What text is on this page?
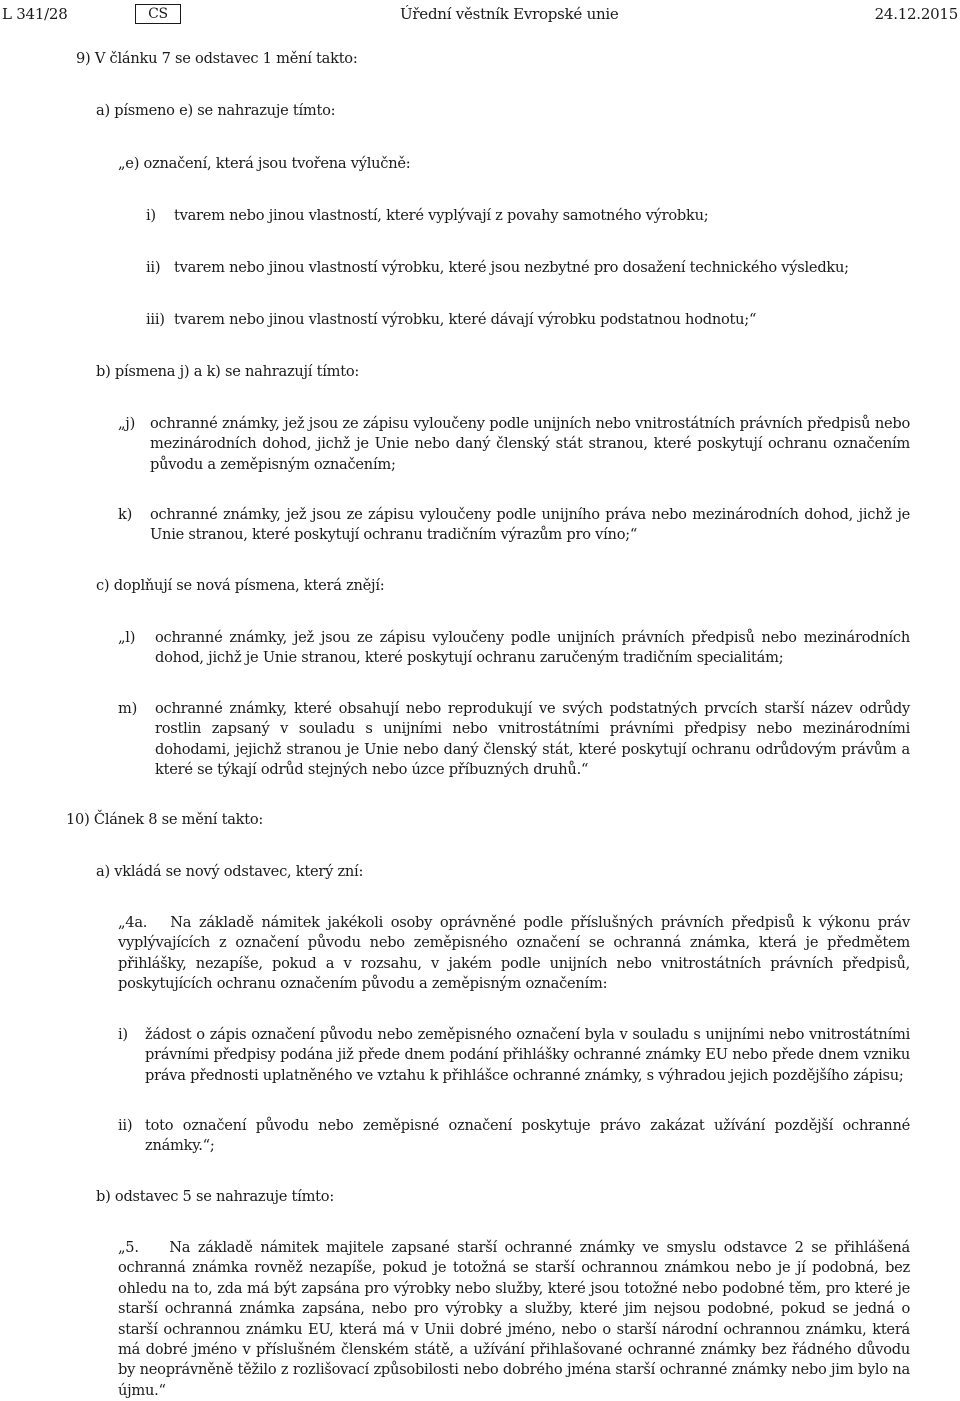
L 341/28	CS	Úřední věstník Evropské unie	24.12.2015

9) V článku 7 se odstavec 1 mění takto:

a) písmeno e) se nahrazuje tímto:

„e) označení, která jsou tvořena výlučně:

i) tvarem nebo jinou vlastností, které vyplývají z povahy samotného výrobku;

ii) tvarem nebo jinou vlastností výrobku, které jsou nezbytné pro dosažení technického výsledku;

iii) tvarem nebo jinou vlastností výrobku, které dávají výrobku podstatnou hodnotu;“

b) písmena j) a k) se nahrazují tímto:

„j) ochranné známky, jež jsou ze zápisu vyloučeny podle unijních nebo vnitrostátních právních předpisů nebo mezinárodních dohod, jichž je Unie nebo daný členský stát stranou, které poskytují ochranu označením původu a zeměpisným označením;

k) ochranné známky, jež jsou ze zápisu vyloučeny podle unijního práva nebo mezinárodních dohod, jichž je Unie stranou, které poskytují ochranu tradičním výrazům pro víno;“

c) doplňují se nová písmena, která znějí:

„l) ochranné známky, jež jsou ze zápisu vyloučeny podle unijních právních předpisů nebo mezinárodních dohod, jichž je Unie stranou, které poskytují ochranu zaručeným tradičním specialitám;

m) ochranné známky, které obsahují nebo reprodukují ve svých podstatných prvcích starší název odrůdy rostlin zapsaný v souladu s unijními nebo vnitrostátními právními předpisy nebo mezinárodními dohodami, jejichž stranou je Unie nebo daný členský stát, které poskytují ochranu odrůdovým právům a které se týkají odrůd stejných nebo úzce příbuzných druhů.“

10) Článek 8 se mění takto:

a) vkládá se nový odstavec, který zní:

„4a.   Na základě námitek jakékoli osoby oprávněné podle příslušných právních předpisů k výkonu práv vyplývajících z označení původu nebo zeměpisného označení se ochranná známka, která je předmětem přihlášky, nezapíše, pokud a v rozsahu, v jakém podle unijních nebo vnitrostátních právních předpisů, poskytujících ochranu označením původu a zeměpisným označením:

i) žádost o zápis označení původu nebo zeměpisného označení byla v souladu s unijními nebo vnitrostátními právními předpisy podána již přede dnem podání přihlášky ochranné známky EU nebo přede dnem vzniku práva přednosti uplatněného ve vztahu k přihlášce ochranné známky, s výhradou jejich pozdějšího zápisu;

ii) toto označení původu nebo zeměpisné označení poskytuje právo zakázat užívání pozdější ochranné známky.“;

b) odstavec 5 se nahrazuje tímto:

„5.    Na základě námitek majitele zapsané starší ochranné známky ve smyslu odstavce 2 se přihlášená ochranná známka rovněž nezapíše, pokud je totožná se starší ochrannou známkou nebo je jí podobná, bez ohledu na to, zda má být zapsána pro výrobky nebo služby, které jsou totožné nebo podobné těm, pro které je starší ochranná známka zapsána, nebo pro výrobky a služby, které jim nejsou podobné, pokud se jedná o starší ochrannou známku EU, která má v Unii dobré jméno, nebo o starší národní ochrannou známku, která má dobré jméno v příslušném členském státě, a užívání přihlašované ochranné známky bez řádného důvodu by neoprávněně těžilo z rozlišovací způsobilosti nebo dobrého jména starší ochranné známky nebo jim bylo na újmu.“
